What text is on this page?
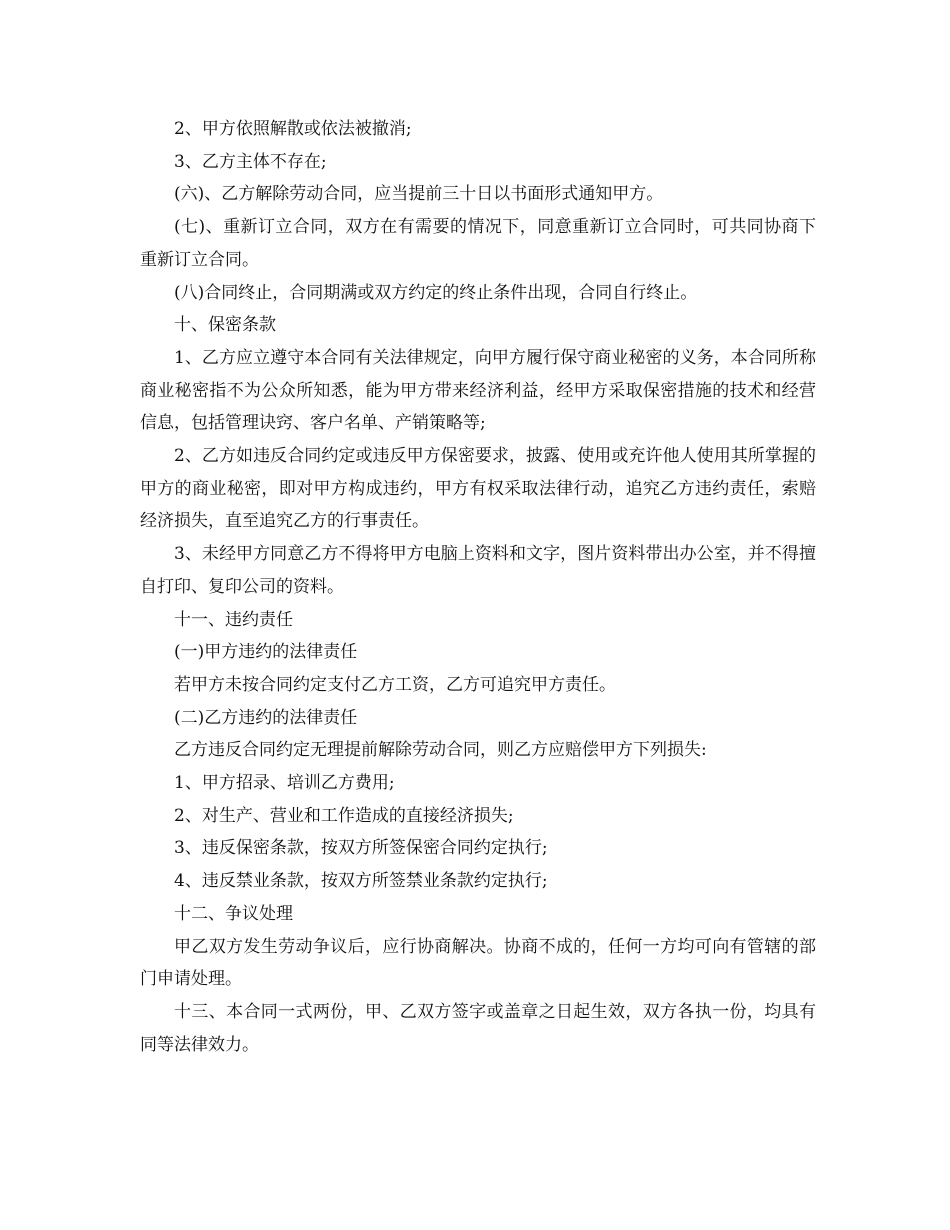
2、甲方依照解散或依法被撤消;

3、乙方主体不存在;

(六)、乙方解除劳动合同，应当提前三十日以书面形式通知甲方。

(七)、重新订立合同，双方在有需要的情况下，同意重新订立合同时，可共同协商下重新订立合同。

(八)合同终止，合同期满或双方约定的终止条件出现，合同自行终止。

十、保密条款

1、乙方应立遵守本合同有关法律规定，向甲方履行保守商业秘密的义务，本合同所称商业秘密指不为公众所知悉，能为甲方带来经济利益，经甲方采取保密措施的技术和经营信息，包括管理诀窍、客户名单、产销策略等;

2、乙方如违反合同约定或违反甲方保密要求，披露、使用或充许他人使用其所掌握的甲方的商业秘密，即对甲方构成违约，甲方有权采取法律行动，追究乙方违约责任，索赔经济损失，直至追究乙方的行事责任。

3、未经甲方同意乙方不得将甲方电脑上资料和文字，图片资料带出办公室，并不得擅自打印、复印公司的资料。

十一、违约责任

(一)甲方违约的法律责任

若甲方未按合同约定支付乙方工资，乙方可追究甲方责任。

(二)乙方违约的法律责任

乙方违反合同约定无理提前解除劳动合同，则乙方应赔偿甲方下列损失:

1、甲方招录、培训乙方费用;

2、对生产、营业和工作造成的直接经济损失;

3、违反保密条款，按双方所签保密合同约定执行;

4、违反禁业条款，按双方所签禁业条款约定执行;

十二、争议处理

甲乙双方发生劳动争议后，应行协商解决。协商不成的，任何一方均可向有管辖的部门申请处理。

十三、本合同一式两份，甲、乙双方签字或盖章之日起生效，双方各执一份，均具有同等法律效力。
